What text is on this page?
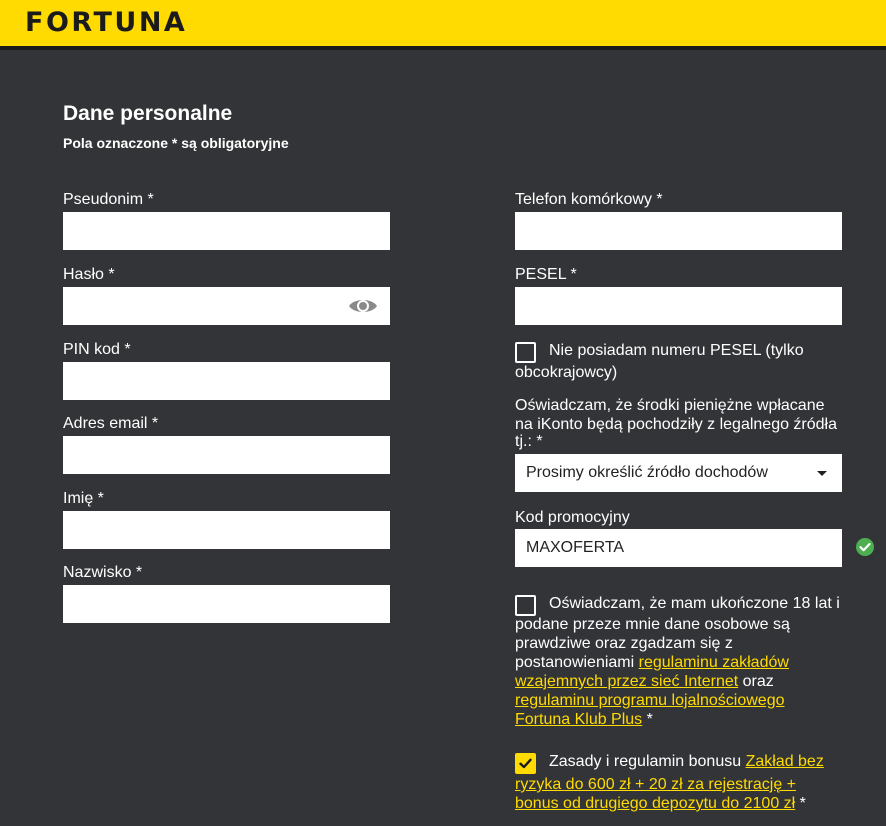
FORTUNA
Dane personalne
Pola oznaczone * są obligatoryjne
Pseudonim *
Hasło *
PIN kod *
Adres email *
Imię *
Nazwisko *
Telefon komórkowy *
PESEL *
Nie posiadam numeru PESEL (tylko
obcokrajowcy)
Oświadczam, że środki pieniężne wpłacane
na iKonto będą pochodziły z legalnego źródła
tj.: *
Prosimy określić źródło dochodów
Kod promocyjny
MAXOFERTA
Oświadczam, że mam ukończone 18 lat i
podane przeze mnie dane osobowe są
prawdziwe oraz zgadzam się z
postanowieniami regulaminu zakładów
wzajemnych przez sieć Internet oraz
regulaminu programu lojalnościowego
Fortuna Klub Plus *
Zasady i regulamin bonusu Zakład bez
ryzyka do 600 zł + 20 zł za rejestrację +
bonus od drugiego depozytu do 2100 zł *
